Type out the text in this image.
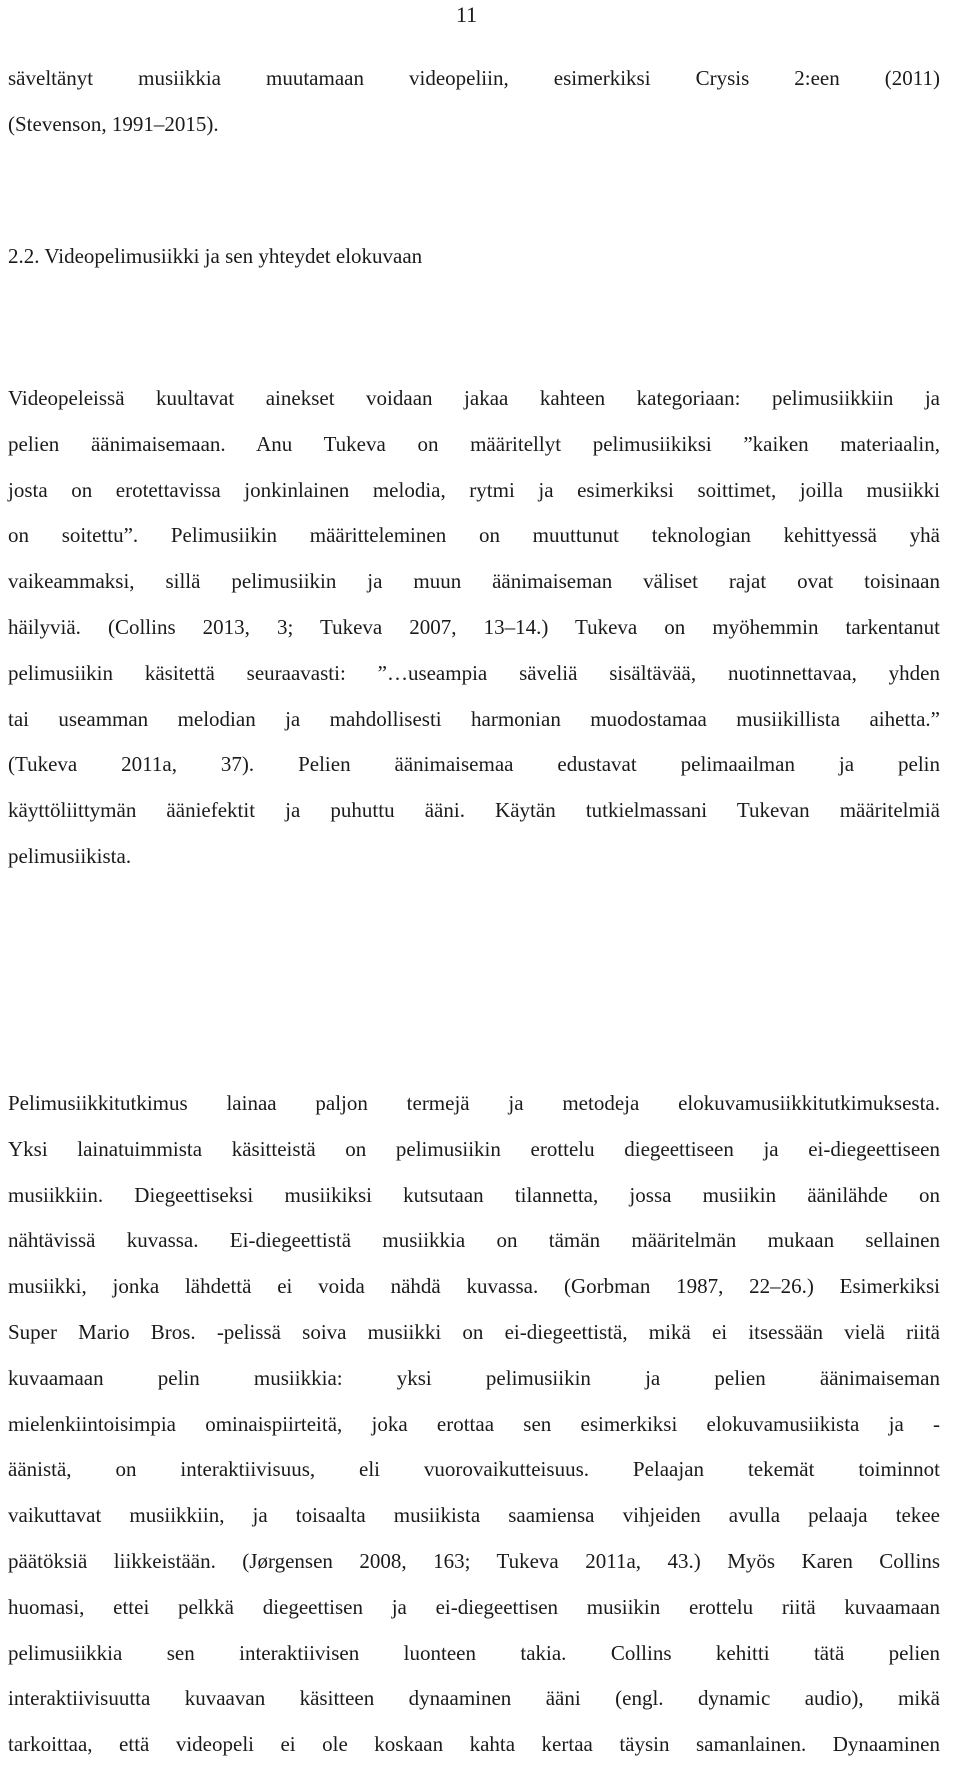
11
2.2. Videopelimusiikki ja sen yhteydet elokuvaan
säveltänyt musiikkia muutamaan videopeliin, esimerkiksi Crysis 2:een (2011)
(Stevenson, 1991–2015).
Videopeleissä kuultavat ainekset voidaan jakaa kahteen kategoriaan: pelimusiikkiin ja
pelien äänimaisemaan. Anu Tukeva on määritellyt pelimusiikiksi ”kaiken materiaalin,
josta on erotettavissa jonkinlainen melodia, rytmi ja esimerkiksi soittimet, joilla musiikki
on soitettu”. Pelimusiikin määritteleminen on muuttunut teknologian kehittyessä yhä
vaikeammaksi, sillä pelimusiikin ja muun äänimaiseman väliset rajat ovat toisinaan
häilyviä. (Collins 2013, 3; Tukeva 2007, 13–14.) Tukeva on myöhemmin tarkentanut
pelimusiikin käsitettä seuraavasti: ”…useampia säveliä sisältävää, nuotinnettavaa, yhden
tai useamman melodian ja mahdollisesti harmonian muodostamaa musiikillista aihetta.”
(Tukeva 2011a, 37). Pelien äänimaisemaa edustavat pelimaailman ja pelin
käyttöliittymän ääniefektit ja puhuttu ääni. Käytän tutkielmassani Tukevan määritelmiä
pelimusiikista.
Pelimusiikkitutkimus lainaa paljon termejä ja metodeja elokuvamusiikkitutkimuksesta.
Yksi lainatuimmista käsitteistä on pelimusiikin erottelu diegeettiseen ja ei-diegeettiseen
musiikkiin. Diegeettiseksi musiikiksi kutsutaan tilannetta, jossa musiikin äänilähde on
nähtävissä kuvassa. Ei-diegeettistä musiikkia on tämän määritelmän mukaan sellainen
musiikki, jonka lähdettä ei voida nähdä kuvassa. (Gorbman 1987, 22–26.) Esimerkiksi
Super Mario Bros. -pelissä soiva musiikki on ei-diegeettistä, mikä ei itsessään vielä riitä
kuvaamaan pelin musiikkia: yksi pelimusiikin ja pelien äänimaiseman
mielenkiintoisimpia ominaispiirteitä, joka erottaa sen esimerkiksi elokuvamusiikista ja -
äänistä, on interaktiivisuus, eli vuorovaikutteisuus. Pelaajan tekemät toiminnot
vaikuttavat musiikkiin, ja toisaalta musiikista saamiensa vihjeiden avulla pelaaja tekee
päätöksiä liikkeistään. (Jørgensen 2008, 163; Tukeva 2011a, 43.) Myös Karen Collins
huomasi, ettei pelkkä diegeettisen ja ei-diegeettisen musiikin erottelu riitä kuvaamaan
pelimusiikkia sen interaktiivisen luonteen takia. Collins kehitti tätä pelien
interaktiivisuutta kuvaavan käsitteen dynaaminen ääni (engl. dynamic audio), mikä
tarkoittaa, että videopeli ei ole koskaan kahta kertaa täysin samanlainen. Dynaaminen
